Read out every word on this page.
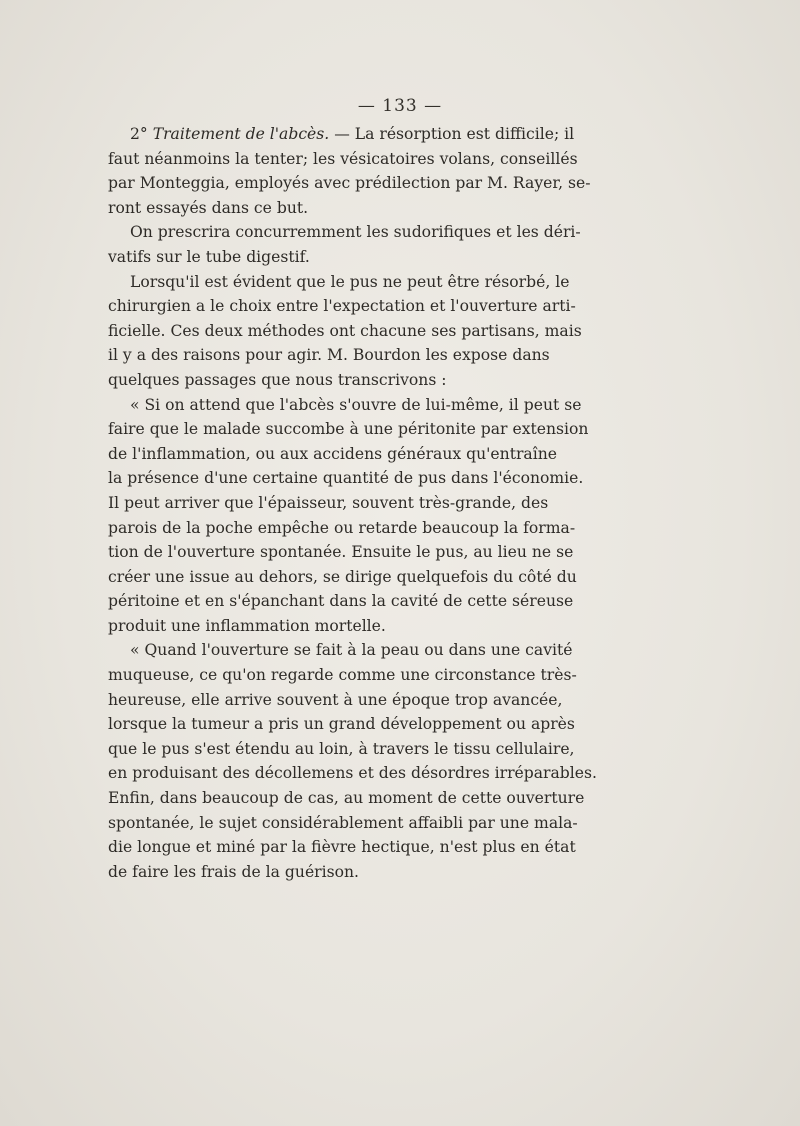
— 133 —
2° Traitement de l'abcès. — La résorption est difficile; il
faut néanmoins la tenter; les vésicatoires volans, conseillés
par Monteggia, employés avec prédilection par M. Rayer, se-
ront essayés dans ce but.
On prescrira concurremment les sudorifiques et les déri-
vatifs sur le tube digestif.
Lorsqu'il est évident que le pus ne peut être résorbé, le
chirurgien a le choix entre l'expectation et l'ouverture arti-
ficielle. Ces deux méthodes ont chacune ses partisans, mais
il y a des raisons pour agir. M. Bourdon les expose dans
quelques passages que nous transcrivons :
« Si on attend que l'abcès s'ouvre de lui-même, il peut se
faire que le malade succombe à une péritonite par extension
de l'inflammation, ou aux accidens généraux qu'entraîne
la présence d'une certaine quantité de pus dans l'économie.
Il peut arriver que l'épaisseur, souvent très-grande, des
parois de la poche empêche ou retarde beaucoup la forma-
tion de l'ouverture spontanée. Ensuite le pus, au lieu ne se
créer une issue au dehors, se dirige quelquefois du côté du
péritoine et en s'épanchant dans la cavité de cette séreuse
produit une inflammation mortelle.
« Quand l'ouverture se fait à la peau ou dans une cavité
muqueuse, ce qu'on regarde comme une circonstance très-
heureuse, elle arrive souvent à une époque trop avancée,
lorsque la tumeur a pris un grand développement ou après
que le pus s'est étendu au loin, à travers le tissu cellulaire,
en produisant des décollemens et des désordres irréparables.
Enfin, dans beaucoup de cas, au moment de cette ouverture
spontanée, le sujet considérablement affaibli par une mala-
die longue et miné par la fièvre hectique, n'est plus en état
de faire les frais de la guérison.
